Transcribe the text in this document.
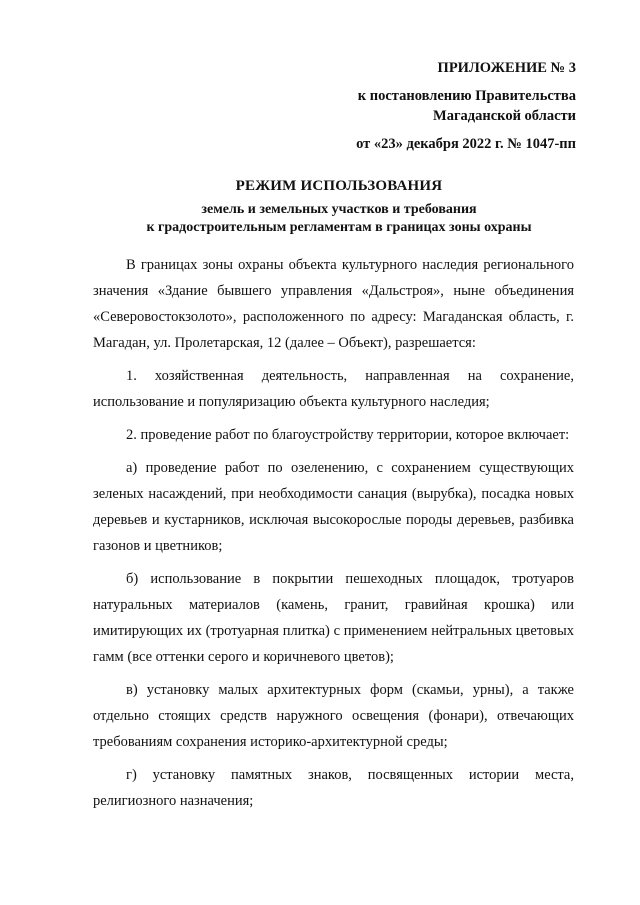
ПРИЛОЖЕНИЕ № 3
к постановлению Правительства
Магаданской области
от «23» декабря 2022 г. № 1047-пп
РЕЖИМ ИСПОЛЬЗОВАНИЯ
земель и земельных участков и требования
к градостроительным регламентам в границах зоны охраны

В границах зоны охраны объекта культурного наследия регионального значения «Здание бывшего управления «Дальстроя», ныне объединения «Северовостокзолото», расположенного по адресу: Магаданская область, г. Магадан, ул. Пролетарская, 12 (далее – Объект), разрешается:

1. хозяйственная деятельность, направленная на сохранение, использование и популяризацию объекта культурного наследия;

2. проведение работ по благоустройству территории, которое включает:

а) проведение работ по озеленению, с сохранением существующих зеленых насаждений, при необходимости санация (вырубка), посадка новых деревьев и кустарников, исключая высокорослые породы деревьев, разбивка газонов и цветников;

б) использование в покрытии пешеходных площадок, тротуаров натуральных материалов (камень, гранит, гравийная крошка) или имитирующих их (тротуарная плитка) с применением нейтральных цветовых гамм (все оттенки серого и коричневого цветов);

в) установку малых архитектурных форм (скамьи, урны), а также отдельно стоящих средств наружного освещения (фонари), отвечающих требованиям сохранения историко-архитектурной среды;

г) установку памятных знаков, посвященных истории места, религиозного назначения;
